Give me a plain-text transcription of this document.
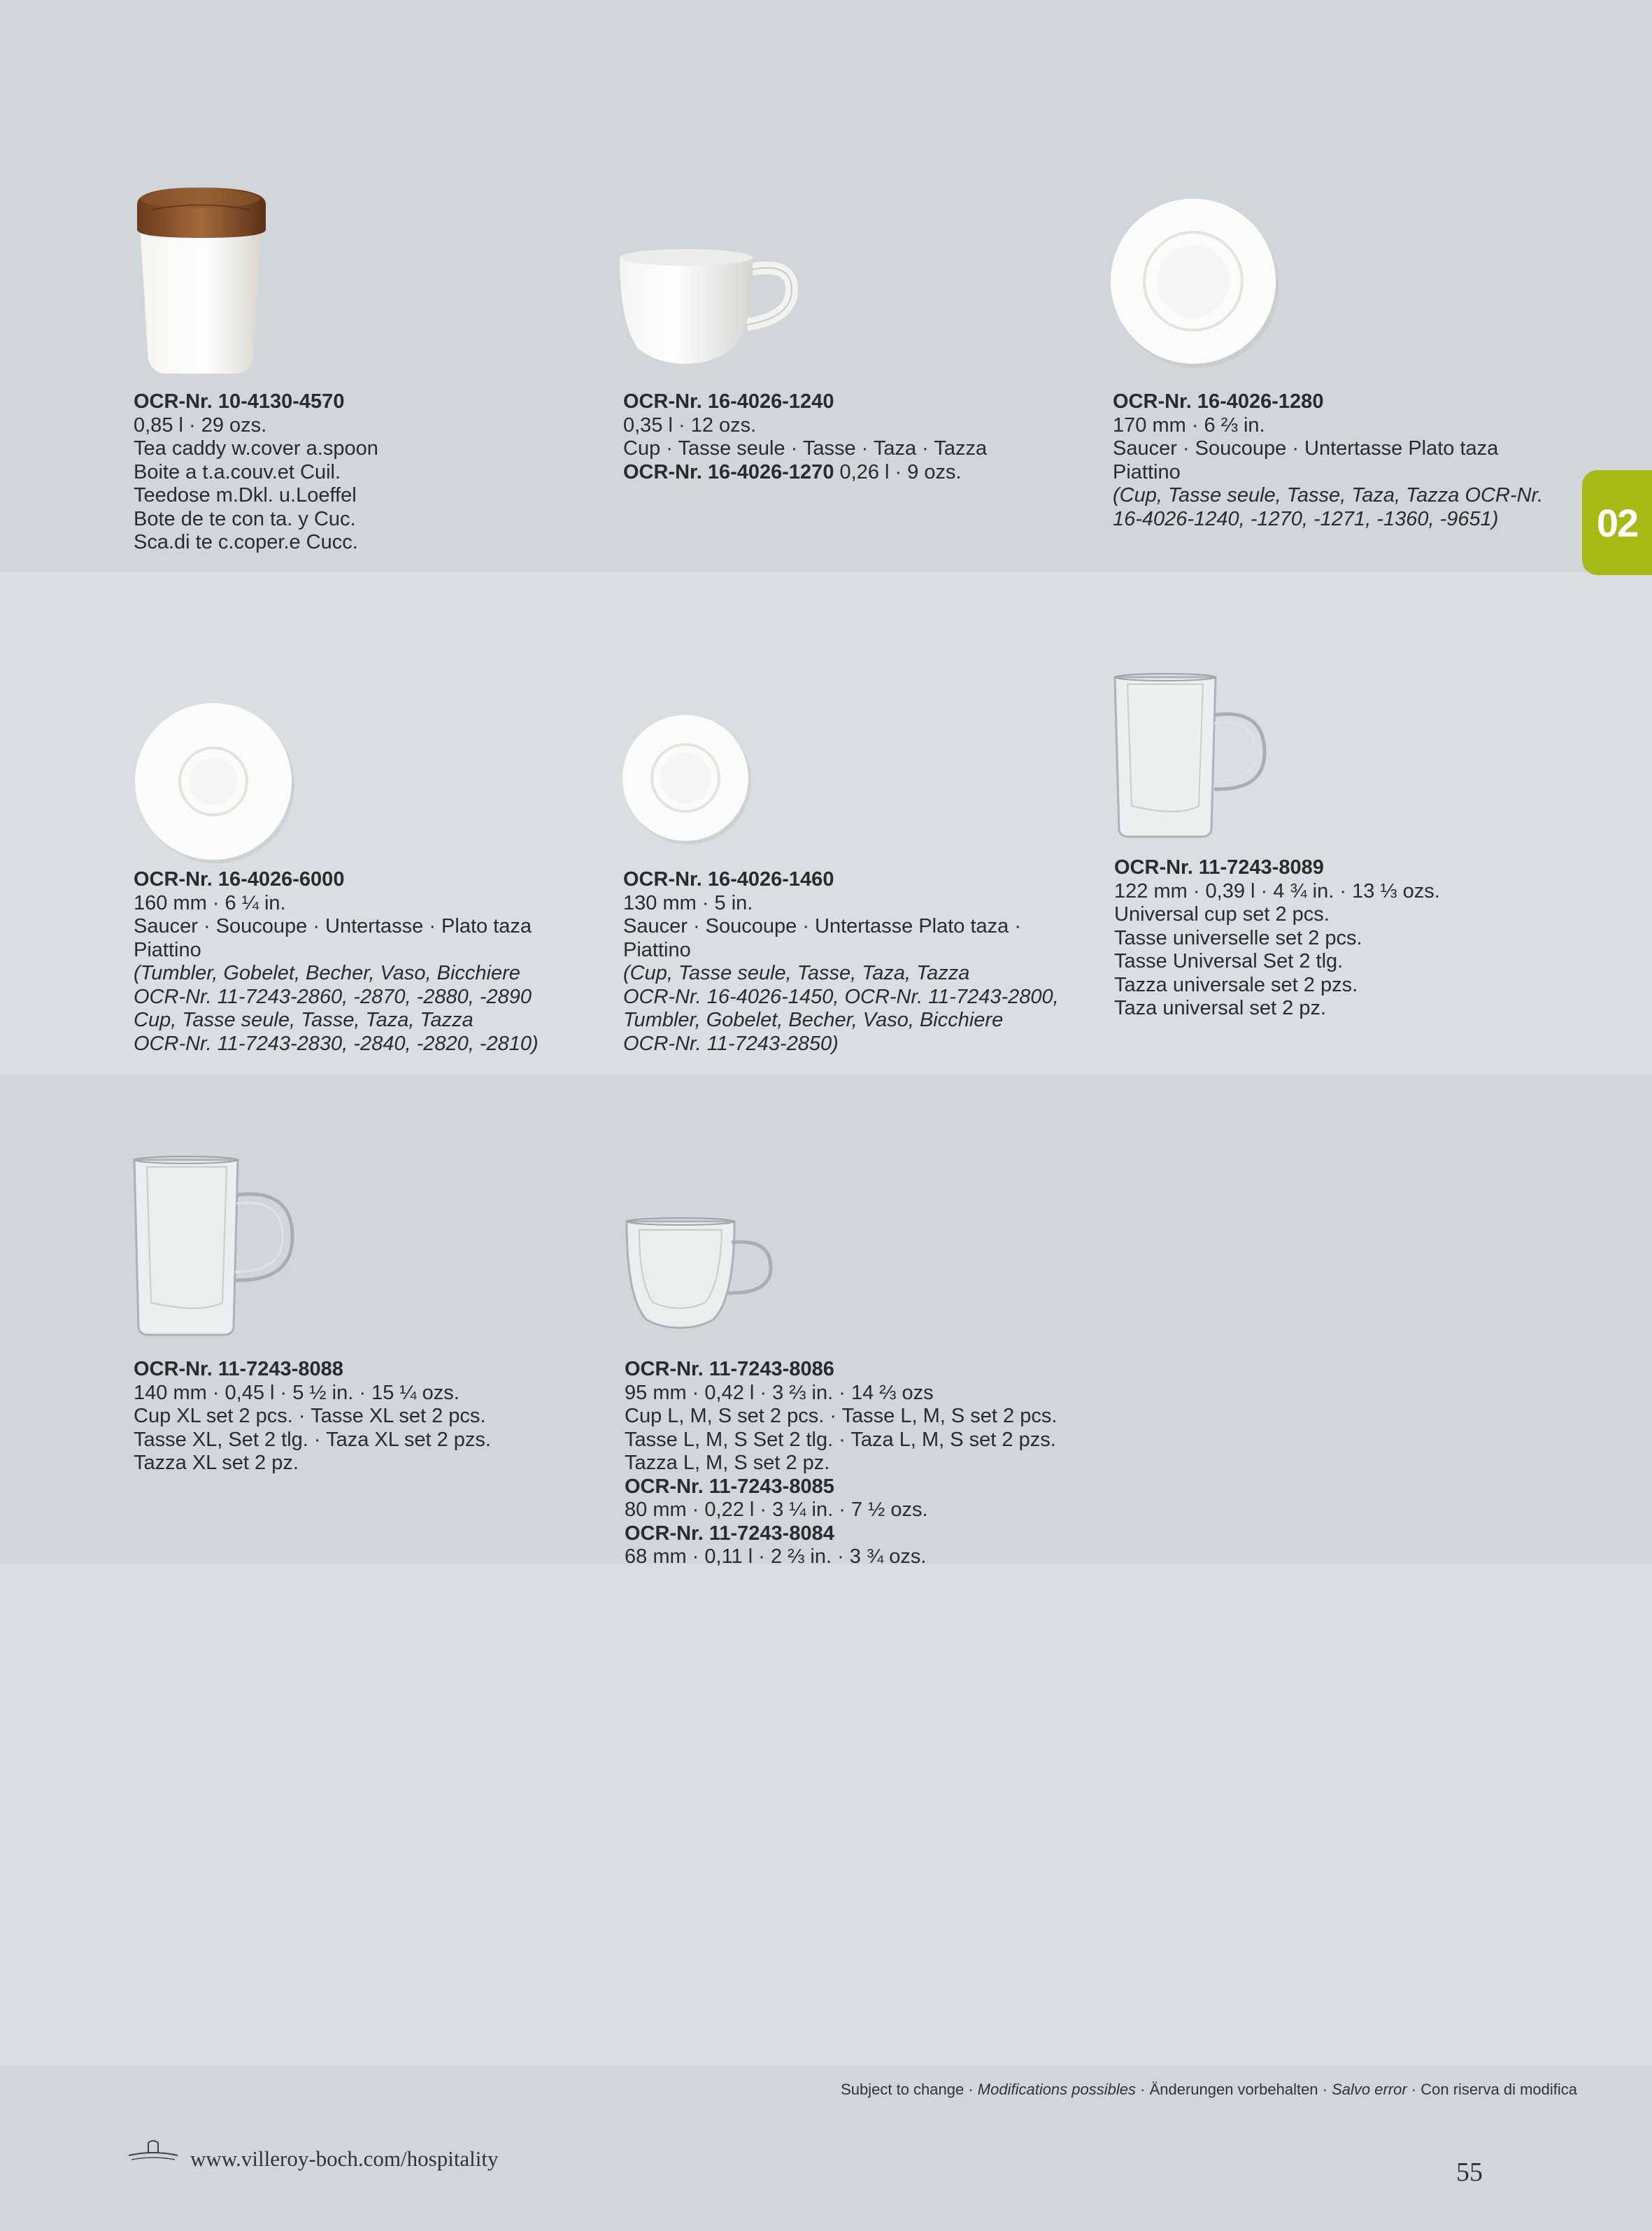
02
OCR-Nr. 10-4130-4570
0,85 l · 29 ozs.
Tea caddy w.cover a.spoon
Boite a t.a.couv.et Cuil.
Teedose m.Dkl. u.Loeffel
Bote de te con ta. y Cuc.
Sca.di te c.coper.e Cucc.
OCR-Nr. 16-4026-1240
0,35 l · 12 ozs.
Cup · Tasse seule · Tasse · Taza · Tazza
OCR-Nr. 16-4026-1270 0,26 l · 9 ozs.
OCR-Nr. 16-4026-1280
170 mm · 6 ⅔ in.
Saucer · Soucoupe · Untertasse Plato taza
Piattino
(Cup, Tasse seule, Tasse, Taza, Tazza OCR-Nr.
16-4026-1240, -1270, -1271, -1360, -9651)
OCR-Nr. 16-4026-6000
160 mm · 6 ¼ in.
Saucer · Soucoupe · Untertasse · Plato taza
Piattino
(Tumbler, Gobelet, Becher, Vaso, Bicchiere
OCR-Nr. 11-7243-2860, -2870, -2880, -2890
Cup, Tasse seule, Tasse, Taza, Tazza
OCR-Nr. 11-7243-2830, -2840, -2820, -2810)
OCR-Nr. 16-4026-1460
130 mm · 5 in.
Saucer · Soucoupe · Untertasse Plato taza ·
Piattino
(Cup, Tasse seule, Tasse, Taza, Tazza
OCR-Nr. 16-4026-1450, OCR-Nr. 11-7243-2800,
Tumbler, Gobelet, Becher, Vaso, Bicchiere
OCR-Nr. 11-7243-2850)
OCR-Nr. 11-7243-8089
122 mm · 0,39 l · 4 ¾ in. · 13 ⅓ ozs.
Universal cup set 2 pcs.
Tasse universelle set 2 pcs.
Tasse Universal Set 2 tlg.
Tazza universale set 2 pzs.
Taza universal set 2 pz.
OCR-Nr. 11-7243-8088
140 mm · 0,45 l · 5 ½ in. · 15 ¼ ozs.
Cup XL set 2 pcs. · Tasse XL set 2 pcs.
Tasse XL, Set 2 tlg. · Taza XL set 2 pzs.
Tazza XL set 2 pz.
OCR-Nr. 11-7243-8086
95 mm · 0,42 l · 3 ⅔ in. · 14 ⅔ ozs
Cup L, M, S set 2 pcs. · Tasse L, M, S set 2 pcs.
Tasse L, M, S Set 2 tlg. · Taza L, M, S set 2 pzs.
Tazza L, M, S set 2 pz.
OCR-Nr. 11-7243-8085
80 mm · 0,22 l · 3 ¼ in. · 7 ½ ozs.
OCR-Nr. 11-7243-8084
68 mm · 0,11 l · 2 ⅔ in. · 3 ¾ ozs.
Subject to change · Modifications possibles · Änderungen vorbehalten · Salvo error · Con riserva di modifica
www.villeroy-boch.com/hospitality	55
